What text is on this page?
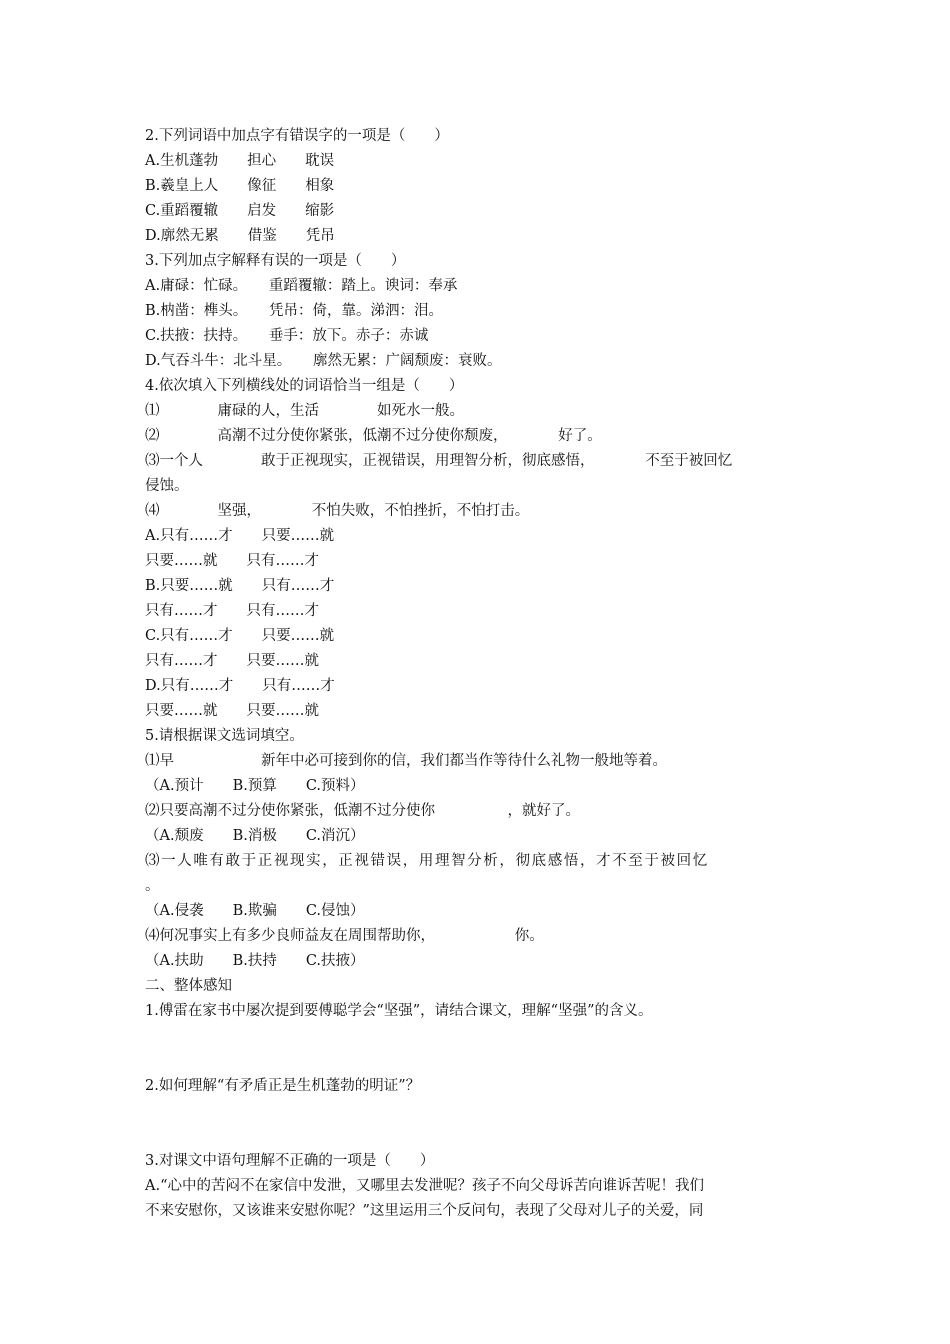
2.下列词语中加点字有错误字的一项是（　　）
A.生机蓬勃　　担心　　耽误
B.羲皇上人　　像征　　相象
C.重蹈覆辙　　启发　　缩影
D.廓然无累　　借鉴　　凭吊
3.下列加点字解释有误的一项是（　　）
A.庸碌：忙碌。　　重蹈覆辙：踏上。谀词：奉承
B.枘凿：榫头。　　凭吊：倚，靠。涕泗：泪。
C.扶掖：扶持。　　垂手：放下。赤子：赤诚
D.气吞斗牛：北斗星。　　廓然无累：广阔颓废：衰败。
4.依次填入下列横线处的词语恰当一组是（　　）
⑴　　　　庸碌的人，生活　　　　如死水一般。
⑵　　　　高潮不过分使你紧张，低潮不过分使你颓废，　　　　好了。
⑶一个人　　　　敢于正视现实，正视错误，用理智分析，彻底感悟，　　　　不至于被回忆
侵蚀。
⑷　　　　坚强，　　　　不怕失败，不怕挫折，不怕打击。
A.只有……才　　只要……就
只要……就　　只有……才
B.只要……就　　只有……才
只有……才　　只有……才
C.只有……才　　只要……就
只有……才　　只要……就
D.只有……才　　只有……才
只要……就　　只要……就
5.请根据课文选词填空。
⑴早　　　　　　新年中必可接到你的信，我们都当作等待什么礼物一般地等着。
（A.预计　　B.预算　　C.预料）
⑵只要高潮不过分使你紧张，低潮不过分使你　　　　　，就好了。
（A.颓废　　B.消极　　C.消沉）
⑶ 一 人 唯 有 敢 于 正 视 现 实 ， 正 视 错 误 ， 用 理 智 分 析 ， 彻 底 感 悟 ， 才 不 至 于 被 回 忆
。
（A.侵袭　　B.欺骗　　C.侵蚀）
⑷何况事实上有多少良师益友在周围帮助你，　　　　　　你。
（A.扶助　　B.扶持　　C.扶掖）
二、整体感知
1.傅雷在家书中屡次提到要傅聪学会“坚强”，请结合课文，理解“坚强”的含义。
2.如何理解“有矛盾正是生机蓬勃的明证”？
3.对课文中语句理解不正确的一项是（　　）
A.“心中的苦闷不在家信中发泄，又哪里去发泄呢？孩子不向父母诉苦向谁诉苦呢！我们
不来安慰你，又该谁来安慰你呢？”这里运用三个反问句，表现了父母对儿子的关爱，同
